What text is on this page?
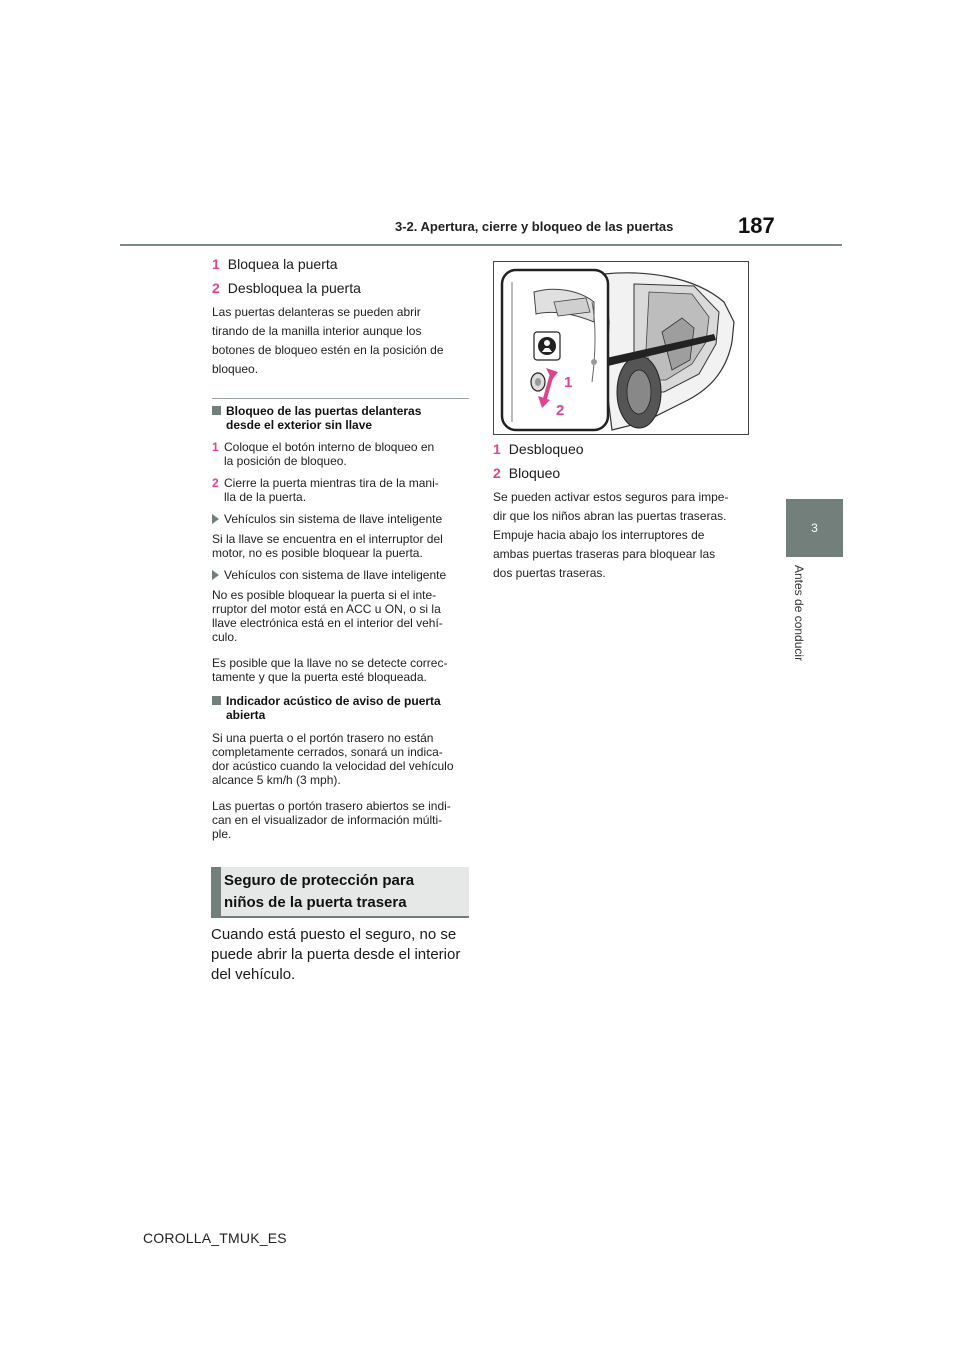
3-2. Apertura, cierre y bloqueo de las puertas	187
3
Antes de conducir
1 Bloquea la puerta
2 Desbloquea la puerta
Las puertas delanteras se pueden abrir
tirando de la manilla interior aunque los
botones de bloqueo estén en la posición de
bloqueo.
Bloqueo de las puertas delanteras
desde el exterior sin llave
1 Coloque el botón interno de bloqueo en
la posición de bloqueo.
2 Cierre la puerta mientras tira de la mani-
lla de la puerta.
Vehículos sin sistema de llave inteligente
Si la llave se encuentra en el interruptor del
motor, no es posible bloquear la puerta.
Vehículos con sistema de llave inteligente
No es posible bloquear la puerta si el inte-
rruptor del motor está en ACC u ON, o si la
llave electrónica está en el interior del vehí-
culo.
Es posible que la llave no se detecte correc-
tamente y que la puerta esté bloqueada.
Indicador acústico de aviso de puerta
abierta
Si una puerta o el portón trasero no están
completamente cerrados, sonará un indica-
dor acústico cuando la velocidad del vehículo
alcance 5 km/h (3 mph).
Las puertas o portón trasero abiertos se indi-
can en el visualizador de información múlti-
ple.
Seguro de protección para
niños de la puerta trasera
Cuando está puesto el seguro, no se
puede abrir la puerta desde el interior
del vehículo.
1
2
1 Desbloqueo
2 Bloqueo
Se pueden activar estos seguros para impe-
dir que los niños abran las puertas traseras.
Empuje hacia abajo los interruptores de
ambas puertas traseras para bloquear las
dos puertas traseras.
COROLLA_TMUK_ES
